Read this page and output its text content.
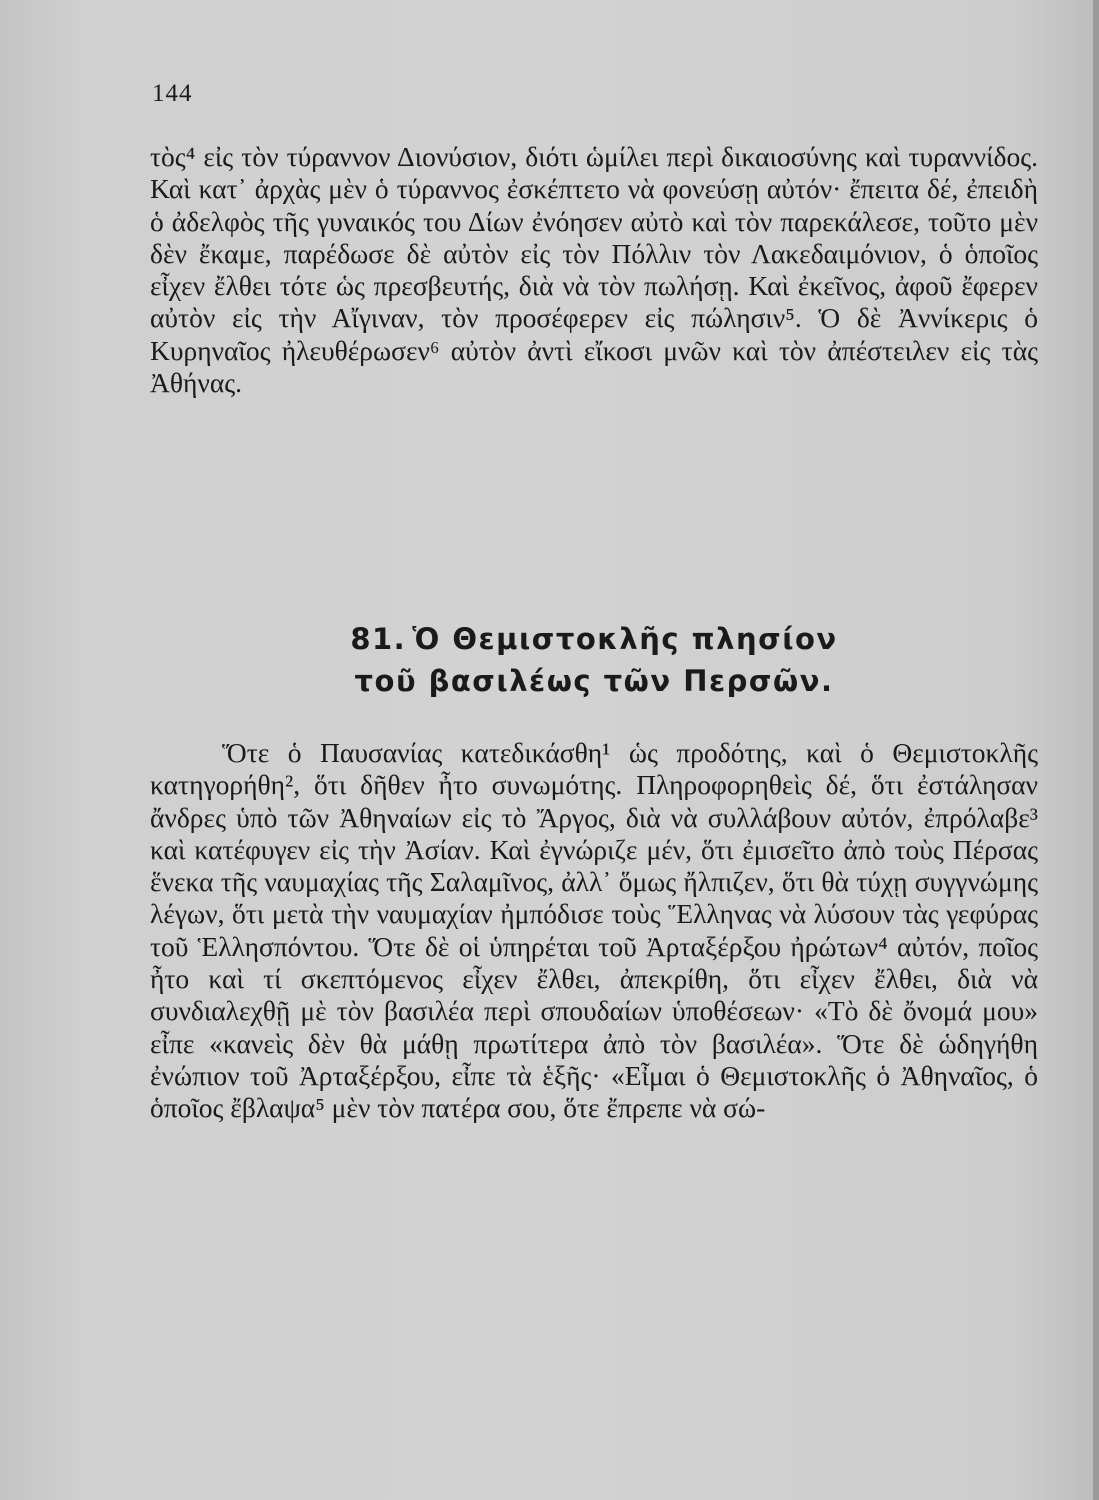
144

τὸς⁴ εἰς τὸν τύραννον Διονύσιον, διότι ὡμίλει περὶ δικαιοσύνης καὶ τυραννίδος. Καὶ κατ᾽ ἀρχὰς μὲν ὁ τύραννος ἐσκέπτετο νὰ φονεύσῃ αὐτόν· ἔπειτα δέ, ἐπειδὴ ὁ ἀδελφὸς τῆς γυναικός του Δίων ἐνόησεν αὐτὸ καὶ τὸν παρεκάλεσε, τοῦτο μὲν δὲν ἔκαμε, παρέδωσε δὲ αὐτὸν εἰς τὸν Πόλλιν τὸν Λακεδαιμόνιον, ὁ ὁποῖος εἶχεν ἔλθει τότε ὡς πρεσβευτής, διὰ νὰ τὸν πωλήσῃ. Καὶ ἐκεῖνος, ἀφοῦ ἔφερεν αὐτὸν εἰς τὴν Αἴγιναν, τὸν προσέφερεν εἰς πώλησιν⁵. Ὁ δὲ Ἀννίκερις ὁ Κυρηναῖος ἠλευθέρωσεν⁶ αὐτὸν ἀντὶ εἴκοσι μνῶν καὶ τὸν ἀπέστειλεν εἰς τὰς Ἀθήνας.

81. Ὁ Θεμιστοκλῆς πλησίον
τοῦ βασιλέως τῶν Περσῶν.

Ὅτε ὁ Παυσανίας κατεδικάσθη¹ ὡς προδότης, καὶ ὁ Θεμιστοκλῆς κατηγορήθη², ὅτι δῆθεν ἦτο συνωμότης. Πληροφορηθεὶς δέ, ὅτι ἐστάλησαν ἄνδρες ὑπὸ τῶν Ἀθηναίων εἰς τὸ Ἄργος, διὰ νὰ συλλάβουν αὐτόν, ἐπρόλαβε³ καὶ κατέφυγεν εἰς τὴν Ἀσίαν. Καὶ ἐγνώριζε μέν, ὅτι ἐμισεῖτο ἀπὸ τοὺς Πέρσας ἕνεκα τῆς ναυμαχίας τῆς Σαλαμῖνος, ἀλλ᾽ ὅμως ἤλπιζεν, ὅτι θὰ τύχῃ συγγνώμης λέγων, ὅτι μετὰ τὴν ναυμαχίαν ἠμπόδισε τοὺς Ἕλληνας νὰ λύσουν τὰς γεφύρας τοῦ Ἑλλησπόντου. Ὅτε δὲ οἱ ὑπηρέται τοῦ Ἀρταξέρξου ἠρώτων⁴ αὐτόν, ποῖος ἦτο καὶ τί σκεπτόμενος εἶχεν ἔλθει, ἀπεκρίθη, ὅτι εἶχεν ἔλθει, διὰ νὰ συνδιαλεχθῇ μὲ τὸν βασιλέα περὶ σπουδαίων ὑποθέσεων· «Τὸ δὲ ὄνομά μου» εἶπε «κανεὶς δὲν θὰ μάθῃ πρωτίτερα ἀπὸ τὸν βασιλέα». Ὅτε δὲ ὡδηγήθη ἐνώπιον τοῦ Ἀρταξέρξου, εἶπε τὰ ἑξῆς· «Εἶμαι ὁ Θεμιστοκλῆς ὁ Ἀθηναῖος, ὁ ὁποῖος ἔβλαψα⁵ μὲν τὸν πατέρα σου, ὅτε ἔπρεπε νὰ σώ-
